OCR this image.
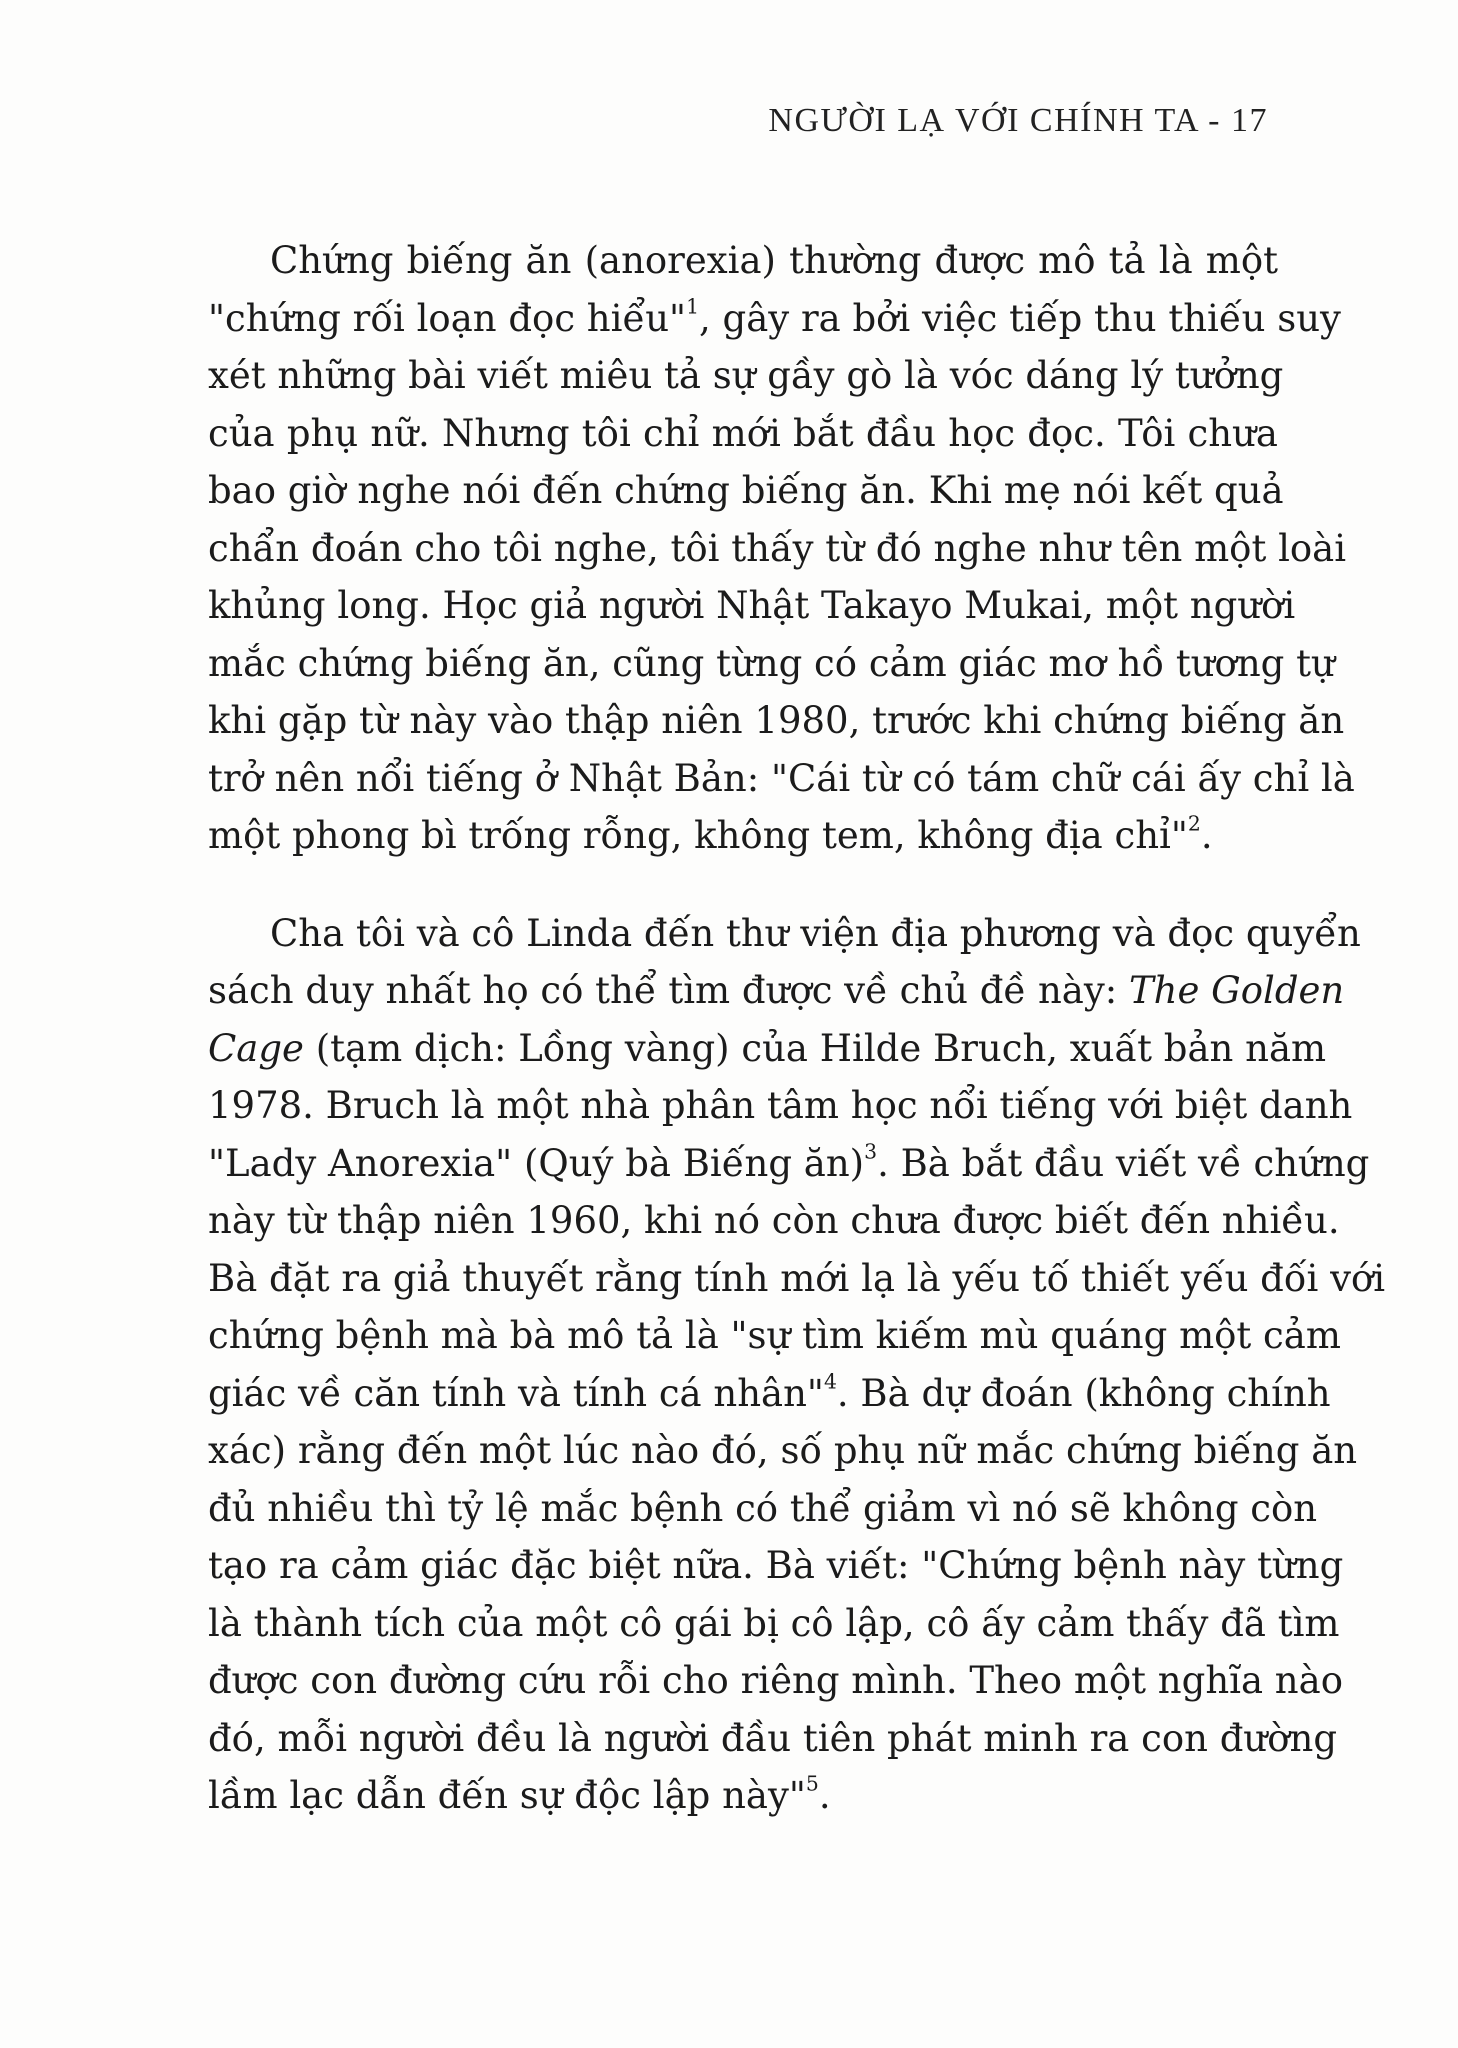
NGƯỜI LẠ VỚI CHÍNH TA - 17
Chứng biếng ăn (anorexia) thường được mô tả là một
"chứng rối loạn đọc hiểu"$^1$, gây ra bởi việc tiếp thu thiếu suy
xét những bài viết miêu tả sự gầy gò là vóc dáng lý tưởng
của phụ nữ. Nhưng tôi chỉ mới bắt đầu học đọc. Tôi chưa
bao giờ nghe nói đến chứng biếng ăn. Khi mẹ nói kết quả
chẩn đoán cho tôi nghe, tôi thấy từ đó nghe như tên một loài
khủng long. Học giả người Nhật Takayo Mukai, một người
mắc chứng biếng ăn, cũng từng có cảm giác mơ hồ tương tự
khi gặp từ này vào thập niên 1980, trước khi chứng biếng ăn
trở nên nổi tiếng ở Nhật Bản: "Cái từ có tám chữ cái ấy chỉ là
một phong bì trống rỗng, không tem, không địa chỉ"$^2$.
Cha tôi và cô Linda đến thư viện địa phương và đọc quyển
sách duy nhất họ có thể tìm được về chủ đề này: The Golden
Cage (tạm dịch: Lồng vàng) của Hilde Bruch, xuất bản năm
1978. Bruch là một nhà phân tâm học nổi tiếng với biệt danh
"Lady Anorexia" (Quý bà Biếng ăn)$^3$. Bà bắt đầu viết về chứng
này từ thập niên 1960, khi nó còn chưa được biết đến nhiều.
Bà đặt ra giả thuyết rằng tính mới lạ là yếu tố thiết yếu đối với
chứng bệnh mà bà mô tả là "sự tìm kiếm mù quáng một cảm
giác về căn tính và tính cá nhân"$^4$. Bà dự đoán (không chính
xác) rằng đến một lúc nào đó, số phụ nữ mắc chứng biếng ăn
đủ nhiều thì tỷ lệ mắc bệnh có thể giảm vì nó sẽ không còn
tạo ra cảm giác đặc biệt nữa. Bà viết: "Chứng bệnh này từng
là thành tích của một cô gái bị cô lập, cô ấy cảm thấy đã tìm
được con đường cứu rỗi cho riêng mình. Theo một nghĩa nào
đó, mỗi người đều là người đầu tiên phát minh ra con đường
lầm lạc dẫn đến sự độc lập này"$^5$.
